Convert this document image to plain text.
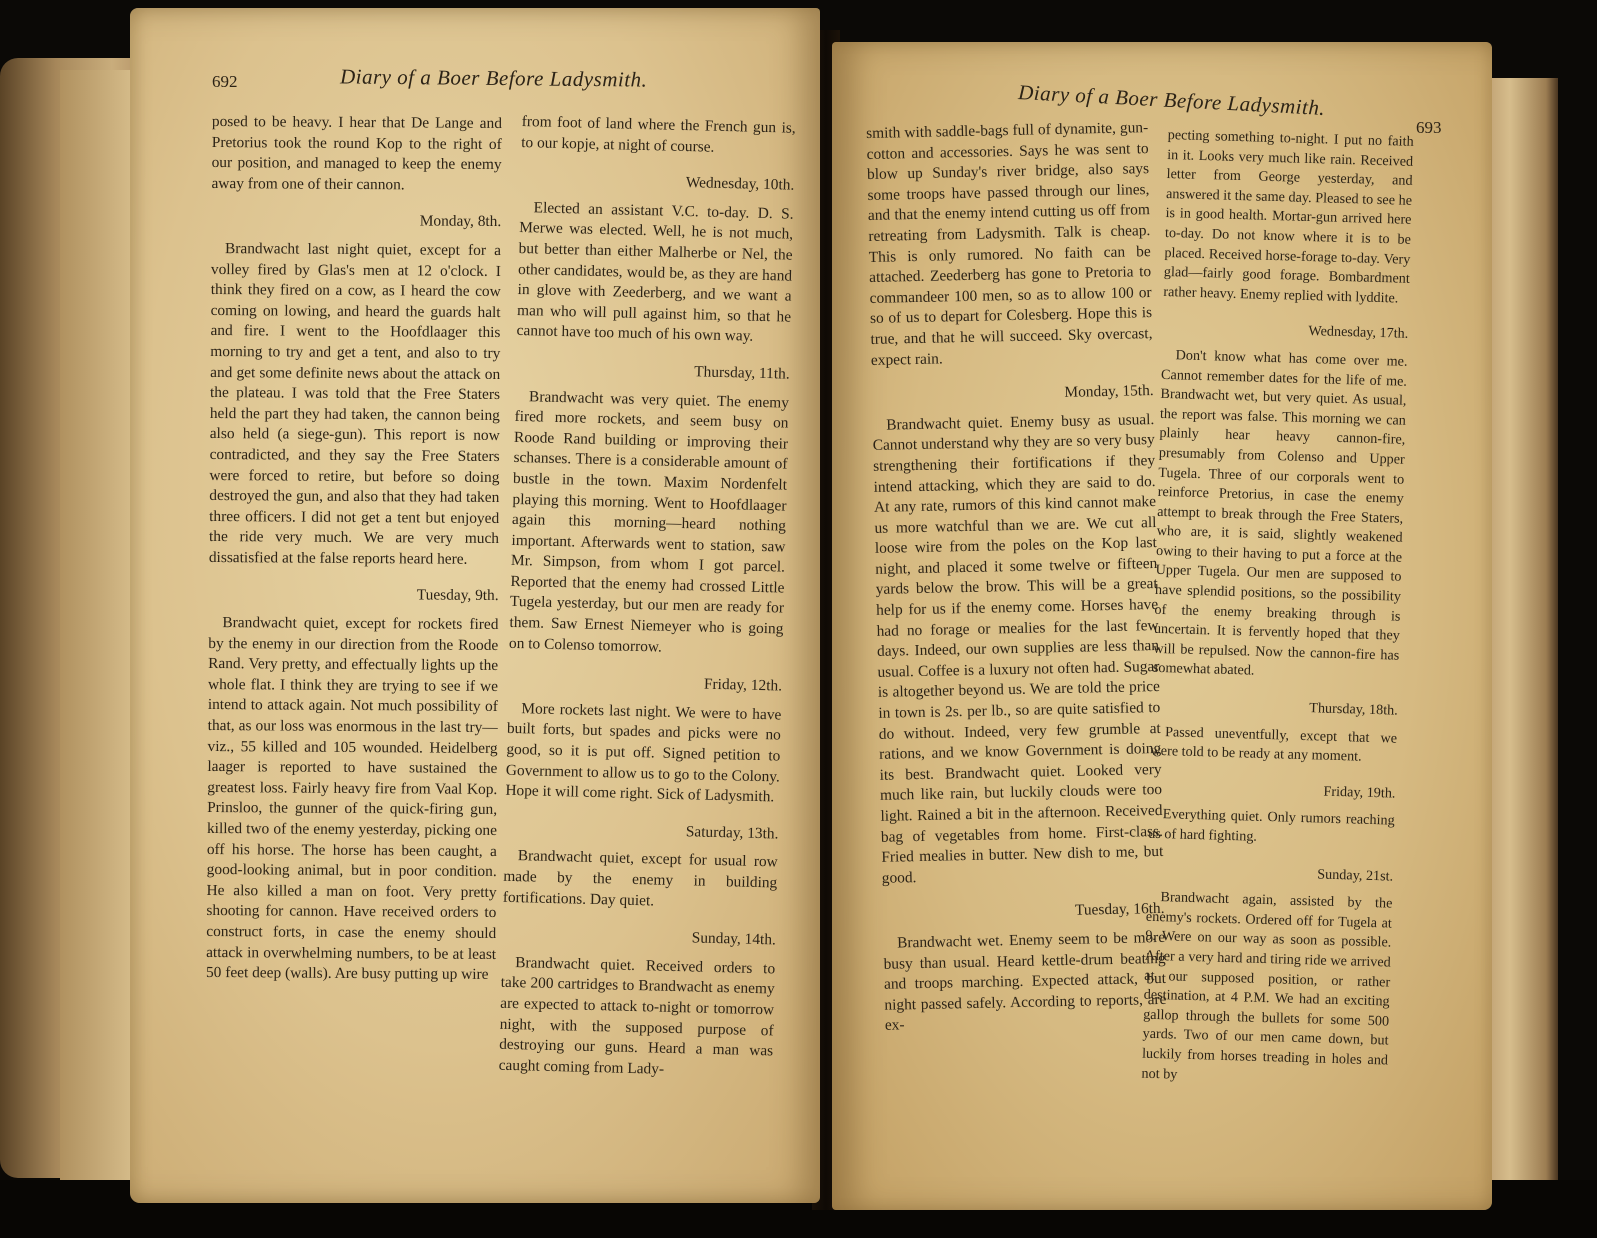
692	Diary of a Boer Before Ladysmith.

posed to be heavy. I hear that De Lange and Pretorius took the round Kop to the right of our position, and managed to keep the enemy away from one of their cannon.

Monday, 8th.

Brandwacht last night quiet, except for a volley fired by Glas's men at 12 o'clock. I think they fired on a cow, as I heard the cow coming on lowing, and heard the guards halt and fire. I went to the Hoofdlaager this morning to try and get a tent, and also to try and get some definite news about the attack on the plateau. I was told that the Free Staters held the part they had taken, the cannon being also held (a siege-gun). This report is now contradicted, and they say the Free Staters were forced to retire, but before so doing destroyed the gun, and also that they had taken three officers. I did not get a tent but enjoyed the ride very much. We are very much dissatisfied at the false reports heard here.

Tuesday, 9th.

Brandwacht quiet, except for rockets fired by the enemy in our direction from the Roode Rand. Very pretty, and effectually lights up the whole flat. I think they are trying to see if we intend to attack again. Not much possibility of that, as our loss was enormous in the last try—viz., 55 killed and 105 wounded. Heidelberg laager is reported to have sustained the greatest loss. Fairly heavy fire from Vaal Kop. Prinsloo, the gunner of the quick-firing gun, killed two of the enemy yesterday, picking one off his horse. The horse has been caught, a good-looking animal, but in poor condition. He also killed a man on foot. Very pretty shooting for cannon. Have received orders to construct forts, in case the enemy should attack in overwhelming numbers, to be at least 50 feet deep (walls). Are busy putting up wire

from foot of land where the French gun is, to our kopje, at night of course.

Wednesday, 10th.

Elected an assistant V.C. to-day. D. S. Merwe was elected. Well, he is not much, but better than either Malherbe or Nel, the other candidates, would be, as they are hand in glove with Zeederberg, and we want a man who will pull against him, so that he cannot have too much of his own way.

Thursday, 11th.

Brandwacht was very quiet. The enemy fired more rockets, and seem busy on Roode Rand building or improving their schanses. There is a considerable amount of bustle in the town. Maxim Nordenfelt playing this morning. Went to Hoofdlaager again this morning—heard nothing important. Afterwards went to station, saw Mr. Simpson, from whom I got parcel. Reported that the enemy had crossed Little Tugela yesterday, but our men are ready for them. Saw Ernest Niemeyer who is going on to Colenso tomorrow.

Friday, 12th.

More rockets last night. We were to have built forts, but spades and picks were no good, so it is put off. Signed petition to Government to allow us to go to the Colony. Hope it will come right. Sick of Ladysmith.

Saturday, 13th.

Brandwacht quiet, except for usual row made by the enemy in building fortifications. Day quiet.

Sunday, 14th.

Brandwacht quiet. Received orders to take 200 cartridges to Brandwacht as enemy are expected to attack to-night or tomorrow night, with the supposed purpose of destroying our guns. Heard a man was caught coming from Lady-

Diary of a Boer Before Ladysmith.
693

smith with saddle-bags full of dynamite, gun-cotton and accessories. Says he was sent to blow up Sunday's river bridge, also says some troops have passed through our lines, and that the enemy intend cutting us off from retreating from Ladysmith. Talk is cheap. This is only rumored. No faith can be attached. Zeederberg has gone to Pretoria to commandeer 100 men, so as to allow 100 or so of us to depart for Colesberg. Hope this is true, and that he will succeed. Sky overcast, expect rain.

Monday, 15th.

Brandwacht quiet. Enemy busy as usual. Cannot understand why they are so very busy strengthening their fortifications if they intend attacking, which they are said to do. At any rate, rumors of this kind cannot make us more watchful than we are. We cut all loose wire from the poles on the Kop last night, and placed it some twelve or fifteen yards below the brow. This will be a great help for us if the enemy come. Horses have had no forage or mealies for the last few days. Indeed, our own supplies are less than usual. Coffee is a luxury not often had. Sugar is altogether beyond us. We are told the price in town is 2s. per lb., so are quite satisfied to do without. Indeed, very few grumble at rations, and we know Government is doing its best. Brandwacht quiet. Looked very much like rain, but luckily clouds were too light. Rained a bit in the afternoon. Received bag of vegetables from home. First-class. Fried mealies in butter. New dish to me, but good.

Tuesday, 16th.

Brandwacht wet. Enemy seem to be more busy than usual. Heard kettle-drum beating and troops marching. Expected attack, but night passed safely. According to reports, are ex-

pecting something to-night. I put no faith in it. Looks very much like rain. Received letter from George yesterday, and answered it the same day. Pleased to see he is in good health. Mortar-gun arrived here to-day. Do not know where it is to be placed. Received horse-forage to-day. Very glad—fairly good forage. Bombardment rather heavy. Enemy replied with lyddite.

Wednesday, 17th.

Don't know what has come over me. Cannot remember dates for the life of me. Brandwacht wet, but very quiet. As usual, the report was false. This morning we can plainly hear heavy cannon-fire, presumably from Colenso and Upper Tugela. Three of our corporals went to reinforce Pretorius, in case the enemy attempt to break through the Free Staters, who are, it is said, slightly weakened owing to their having to put a force at the Upper Tugela. Our men are supposed to have splendid positions, so the possibility of the enemy breaking through is uncertain. It is fervently hoped that they will be repulsed. Now the cannon-fire has somewhat abated.

Thursday, 18th.

Passed uneventfully, except that we were told to be ready at any moment.

Friday, 19th.

Everything quiet. Only rumors reaching us of hard fighting.

Sunday, 21st.

Brandwacht again, assisted by the enemy's rockets. Ordered off for Tugela at 9. Were on our way as soon as possible. After a very hard and tiring ride we arrived at our supposed position, or rather destination, at 4 P.M. We had an exciting gallop through the bullets for some 500 yards. Two of our men came down, but luckily from horses treading in holes and not by
